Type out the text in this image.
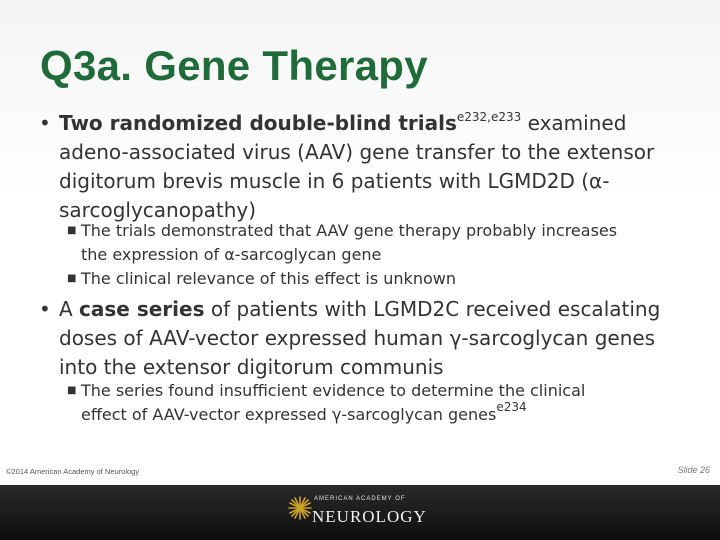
Q3a. Gene Therapy
• Two randomized double-blind trials$^{e232,e233}$ examined
adeno-associated virus (AAV) gene transfer to the extensor
digitorum brevis muscle in 6 patients with LGMD2D (α-
sarcoglycanopathy)
■ The trials demonstrated that AAV gene therapy probably increases
the expression of α-sarcoglycan gene
■ The clinical relevance of this effect is unknown
• A case series of patients with LGMD2C received escalating
doses of AAV-vector expressed human γ-sarcoglycan genes
into the extensor digitorum communis
■ The series found insufficient evidence to determine the clinical
effect of AAV-vector expressed γ-sarcoglycan genes$^{e234}$
©2014 American Academy of Neurology	Slide 26
AMERICAN ACADEMY OF
NEUROLOGY
